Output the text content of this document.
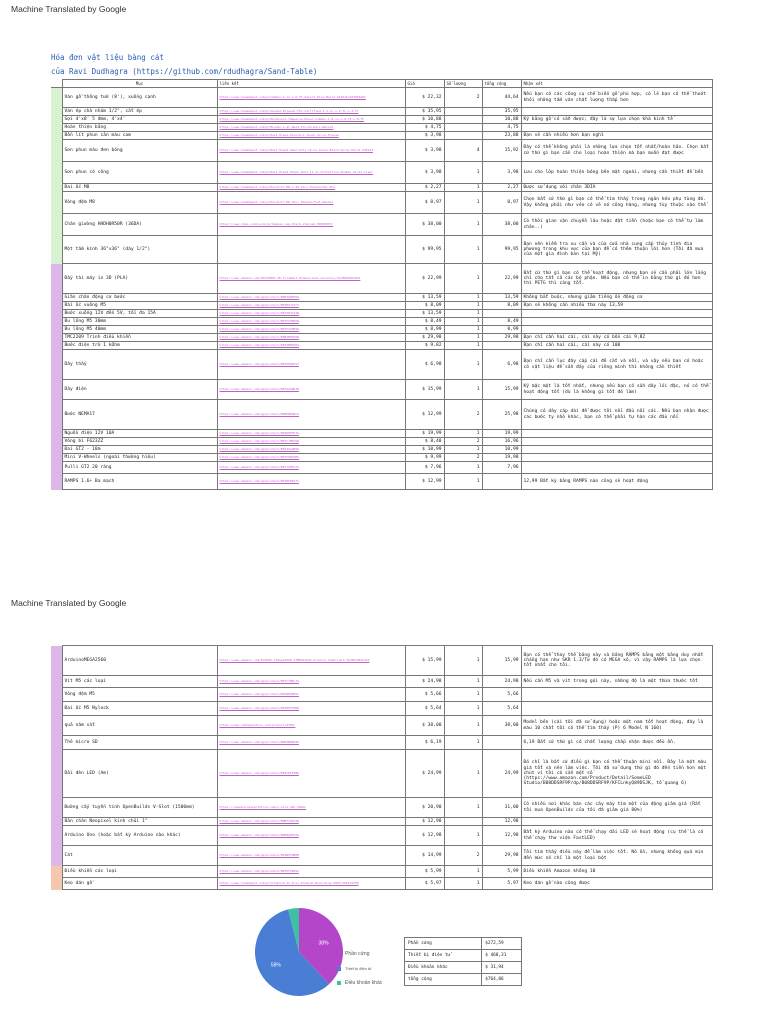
Machine Translated by Google
Hóa đơn vật liệu bàng cát
của Ravi Dudhagra (https://github.com/rdudhagra/Sand-Table)
	Mục	liên kết	Giá	Số lượng	tổng cộng	Nhận xét
	Ván gỗ thông tườ (8'), xuống cạnh	https://www.homedepot.com/p/Common-1-in-x-6-ft-Select-Pine-Board-914916/203056401	$ 22,32	2	44,64	Nếu bạn có các công cụ chế biến gỗ phù hợp, có lẽ bạn có thể thoát khỏi những tấm ván chất lượng thấp hơn
	Ván ép chà nhám 1/2", cắt ép	https://www.homedepot.com/p/Sanded-Plywood-FSC-Certified-1-2-in-x-2-ft-x-4-ft	$ 35,95		35,95	
	Sợi 4'x8' 5 đmm, 4'x4'	https://www.homedepot.com/p/Hardboard-Tempered-Panel-Common-1-8-in-x-4-ft-x-8-ft	$ 10,88		10,88	Kỹ bằng gỗ có sẵn được; đây là sự lựa chọn khá kinh tế
	Hoàn thiện bằng	https://www.homedepot.com/p/Minwax-1-qt-Wood-Finish-Dark-Walnut	$ 4,75		4,75	
	Bốn lít phun cản màu cam	https://www.homedepot.com/p/Rust-Oleum-Painters-Touch-12-oz-Orange	$ 3,98		23,88	Bạn sẽ cần nhiều hơn bạn nghĩ
	Sơn phun màu đen bóng	https://www.homedepot.com/p/Rust-Oleum-Specialty-12-oz-Gloss-Black-Spray-Paint-249122	$ 3,98	4	15,92	Đây có thể không phải là những lựa chọn tốt nhất/hoàn hảo. Chọn bất cứ thứ gì bạn cần cho loại hoàn thiện mà bạn muốn đạt được
	Sơn phun có công	https://www.homedepot.com/p/Rust-Oleum-Stops-Rust-12-oz-Protective-Enamel-Gloss-Clear	$ 3,98	1	3,98	Lưu cho lớp hoàn thiện bóng bên mặt ngoài, nhưng cần thiết để bền
	Đai ốc M8	https://www.homedepot.com/p/Everbilt-M8-1-25-Zinc-Plated-Hex-Nut	$ 2,27	1	2,27	Được sử dụng với chân 3DIA
	Vòng đệm M8	https://www.homedepot.com/p/Everbilt-M8-Zinc-Plated-Flat-Washer	$ 0,97	1	0,97	Chọn bất cứ thứ gì bạn có thể tìm thấy trong ngăn kéo phụ tùng đó. Vậy không phải như vẻo có vẻ nó công hàng, nhưng tùy thuộc vào thể
	Chân giường HHDH0R50R (36DA)	https://www.ikea.com/us/en/p/hemnes-leg-black-stained-00306833/	$ 38,00	1	38,00	Có thời gian vận chuyển lâu hoặc đặt tiền (hoặc bạn có thể tự làm chân..)
	Một tấm kính 36"x36" (dày 1/2")		$ 99,95	1	99,95	Bạn nên kiểm tra xu cần và của cửa nhà cung cấp thủy tinh địa phương trong khu vực của bạn để có thêm thuận lời hơn (Tôi đã mua của một gia đình bán tại Mỹ)
	Đầy tài máy in 3D (PLA)	https://www.amazon.com/HATCHBOX-3D-Filament-Dimensional-Accuracy/dp/B00J0ECR5I	$ 22,99	1	22,99	Bất cứ thứ gì bạn có thể hoạt động, nhưng bạn sẽ cần phải lớn lắng chỉ cho tất cả các bộ phận. Nếu bạn có thể in bằng thứ gì đó hơn thì PETG thì càng tốt.
	Giãn chân động cơ bước	https://www.amazon.com/gp/product/B06XQWMT6Q	$ 13,59	1	13,59	Không bắt buộc, nhưng giảm tiếng ồn động cơ
	Bài ốc vuông M5	https://www.amazon.com/gp/product/B07H9J3JCY	$ 8,09	1	8,09	Bạn sẽ không cần nhiều thứ này 13,59
	Bước xuống 12V đến 5V, tối đa 15A	https://www.amazon.com/gp/product/B076P4C42B	$ 13,59	1		
	Bu lông M5 30mm	https://www.amazon.com/gp/product/B07FZZ8QVN	$ 8,49	1	8,49	
	Bu lông M5 40mm	https://www.amazon.com/gp/product/B07FZZ9M1K	$ 8,99	1	8,99	
	TMC2209 Trình điều khiển	https://www.amazon.com/gp/product/B08SMDZ56B	$ 29,98	1	29,98	Bạn chỉ cần hai cái, cái này có bốn cái 9,82
	Bước điện trở 1 kOhm	https://www.amazon.com/gp/product/B07SBNTQ63	$ 9,82	1		Bạn chỉ cần hai cái, cái này có 100
	Dây thấy	https://www.amazon.com/gp/product/B07PPQWTS7	$ 6,98	1	6,98	Bạn chỉ cần lục đây cắp cái đê cắt và nối, và vậy nếu bạn có hoặc có vật liệu để sẵn đây của riêng mình thì không cần thiết
	Dây điện	https://www.amazon.com/gp/product/B07G2SWDJ8	$ 15,99	1	15,99	Kỹ mặc một là tốt nhất, nhưng nếu bạn có sẵn dây lõi đặc, nó có thể hoạt động tốt (dù là không gì tốt đó làm)
	Bước NEMA17	https://www.amazon.com/gp/product/B00PNEQKC0	$ 12,99	2	25,98	Chúng có dây cáp dài để được tôi nối đầu nối cái. Nếu bạn nhận được các bước ty nhỏ khác, bạn có thể phải tự hàn các đầu nối
	Nguồn điện 12V 10A	https://www.amazon.com/gp/product/B01D8FM71S	$ 19,99	1	19,99	
	Vòng bi F623ZZ	https://www.amazon.com/gp/product/B07CJMDJGB	$ 8,48	2	16,96	
	Đai GT2 - 10m	https://www.amazon.com/gp/product/B014SLWP50	$ 10,99	1	10,99	
	Mini V-Wheels (ngoài thường hiệu)	https://www.amazon.com/gp/product/B07FQ87QHX	$ 9,99	2	19,98	
	Pulli GT2 20 răng	https://www.amazon.com/gp/product/B077GMYVJX	$ 7,96	1	7,96	
	RAMPS 1.6+ Ba mạch	https://www.amazon.com/gp/product/B07RFRP1TT	$ 12,99	1		12,99 Bất kỳ bảng RAMPS nào cũng sẽ hoạt động
Machine Translated by Google
	ArduinoMEGA2560	https://www.amazon.com/ELEGOO-ATmega2560-ATMEGA16U2-Arduino-Compliant/dp/B01H4ZLZLQ	$ 15,99	1	15,99	Bạn có thể thay thế bảng này và bảng RAMPS bằng một bảng duy nhất chẳng hạn như SKR 1.3/Từ đó có MEGA xỏ, vì vậy RAMPS là lựa chọn tốt nhất cho tôi.
	Vít M5 các loại	https://www.amazon.com/gp/product/B07CYNKLT2	$ 24,98	1	24,98	Nếu cần M5 và vít trong gói này, những độ là một thừa thước tốt
	Vòng đệm M5	https://www.amazon.com/gp/product/B07WHXR9S7	$ 5,66	1	5,66	
	Đai ốc M5 Nylock	https://www.amazon.com/gp/product/B07H8YYPMQ	$ 5,64	1	5,64	
	quả nâm sắt	https://www.cmsmagnetics.com/product/9309/	$ 38,00	1	38,00	Model bên (cái tôi đã sử dụng) hoặc một nam tốt hoạt động, đây là màu 10 chất tôi có thể tìm thấy (P) 6 Model N 160)
	Thẻ micro SD	https://www.amazon.com/gp/product/B06XWN9Q99	$ 6,19	1		6,19 Bất cứ thứ gì có chất lượng chấp nhận được đều ổn.
	Dải đèn LED (Am)	https://www.amazon.com/gp/product/B01CDTEJBG	$ 24,99	1	24,99	Đó chỉ là bất cứ điều gì bạn có thể thuận mini nối. Đây là một màu giá tốt và nên làm việc. Tôi đã sử dụng thứ gì đó đến tiền hơn một chút vì tôi có sẵn một số (https://www.amazon.com/Product/Detail/SomeLED Studio/B08DDSRF9P/dp/B08DDSRF9P/KFCLnkyQ89DSJK, tổ quang 6)
	Đường cấy tuyến tính OpenBuilds V-Slot (1500mm)	https://openbuildspartstore.com/v-slot-20x-20mm/	$ 20,90	1	31,00	Có nhiều nơi khác bán các cây mày tìm một của động giảm giá (Rất tôi mua OpenBuilds của tôi đã giảm giá 80%)
	Bản chân Neopixel kinh chủi 1"	https://www.amazon.com/gp/product/B0BY3VKLV8	$ 12,98		12,98	
	Arduino Uno (hoặc bất kỳ Arduino nào khác)	https://www.amazon.com/gp/product/B008GRTSV6	$ 12,98	1	12,98	Bất kỳ Arduino nào có thể chạy dải LED sẽ hoạt động (cụ thể là có thể chạy thư viện FastLED)
	Cát	https://www.amazon.com/gp/product/B01N9F0RMB	$ 14,99	2	29,98	Tôi tìm thấy điều này để làm việc tốt. Nó ổn, nhưng không quá mịn đến mức nó chỉ là một loại bột
	Điều khiển các loại	https://www.amazon.com/gp/product/B07DFZR4S4	$ 5,99	1	5,99	Điều khiển Amazon không 10
	Keo dán gỗ	https://www.homedepot.com/p/Titebond-II-8-oz-Premium-Wood-Glue-5003/100122258	$ 5,97	1	5,97	Keo dán gỗ nào cũng được
38%
58%
Phần cứng
Thiết bị điện tử
Điều khoản khác
Phần cứng	$272,59
Thiết bị điện tử	$ 460,31
Điều khoản khác	$ 31,94
tổng cộng	$764,86
